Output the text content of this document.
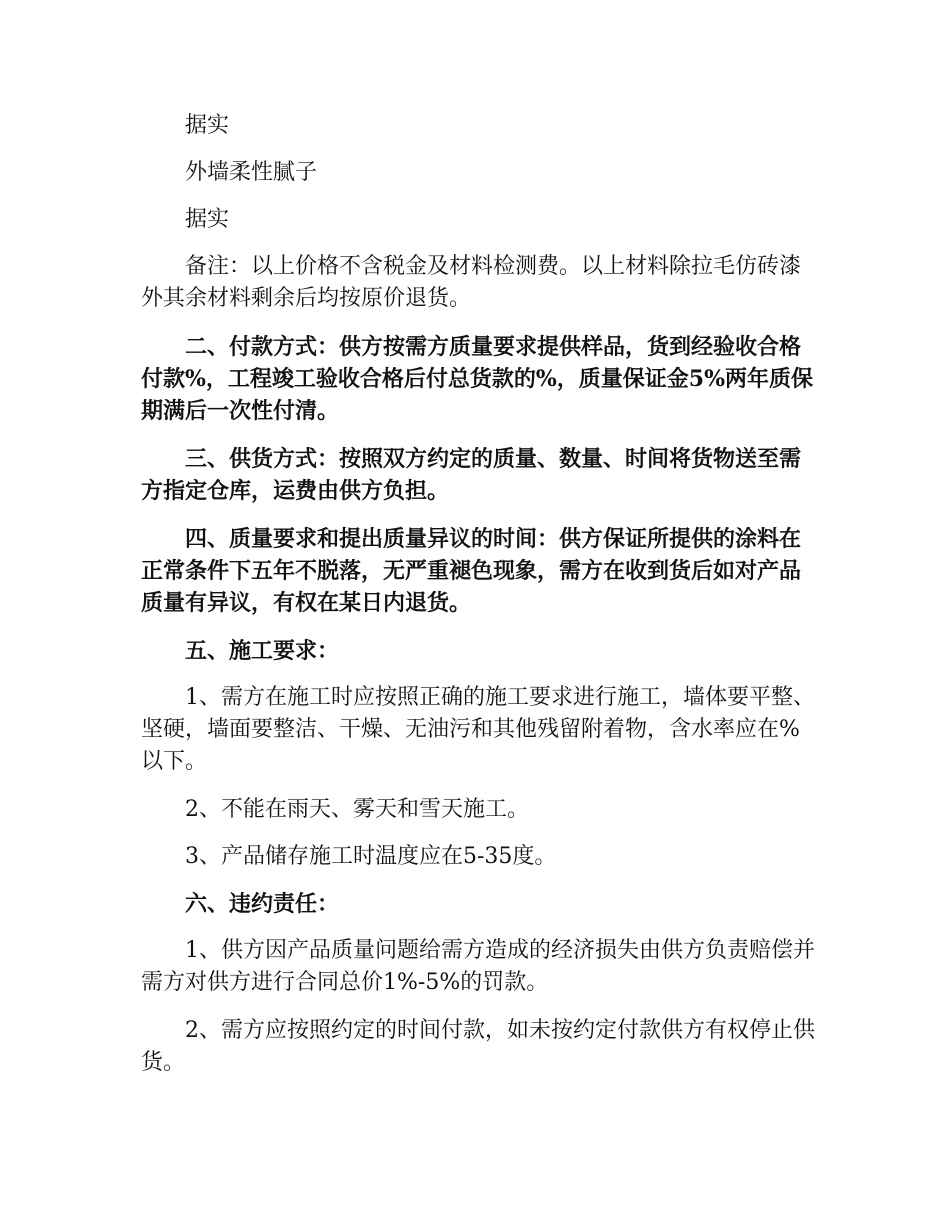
据实

外墙柔性腻子

据实

备注：以上价格不含税金及材料检测费。以上材料除拉毛仿砖漆外其余材料剩余后均按原价退货。

二、付款方式：供方按需方质量要求提供样品，货到经验收合格付款%，工程竣工验收合格后付总货款的%，质量保证金5%两年质保期满后一次性付清。

三、供货方式：按照双方约定的质量、数量、时间将货物送至需方指定仓库，运费由供方负担。

四、质量要求和提出质量异议的时间：供方保证所提供的涂料在正常条件下五年不脱落，无严重褪色现象，需方在收到货后如对产品质量有异议，有权在某日内退货。

五、施工要求：

1、需方在施工时应按照正确的施工要求进行施工，墙体要平整、坚硬，墙面要整洁、干燥、无油污和其他残留附着物，含水率应在%以下。

2、不能在雨天、雾天和雪天施工。

3、产品储存施工时温度应在5-35度。

六、违约责任：

1、供方因产品质量问题给需方造成的经济损失由供方负责赔偿并需方对供方进行合同总价1%-5%的罚款。

2、需方应按照约定的时间付款，如未按约定付款供方有权停止供货。
